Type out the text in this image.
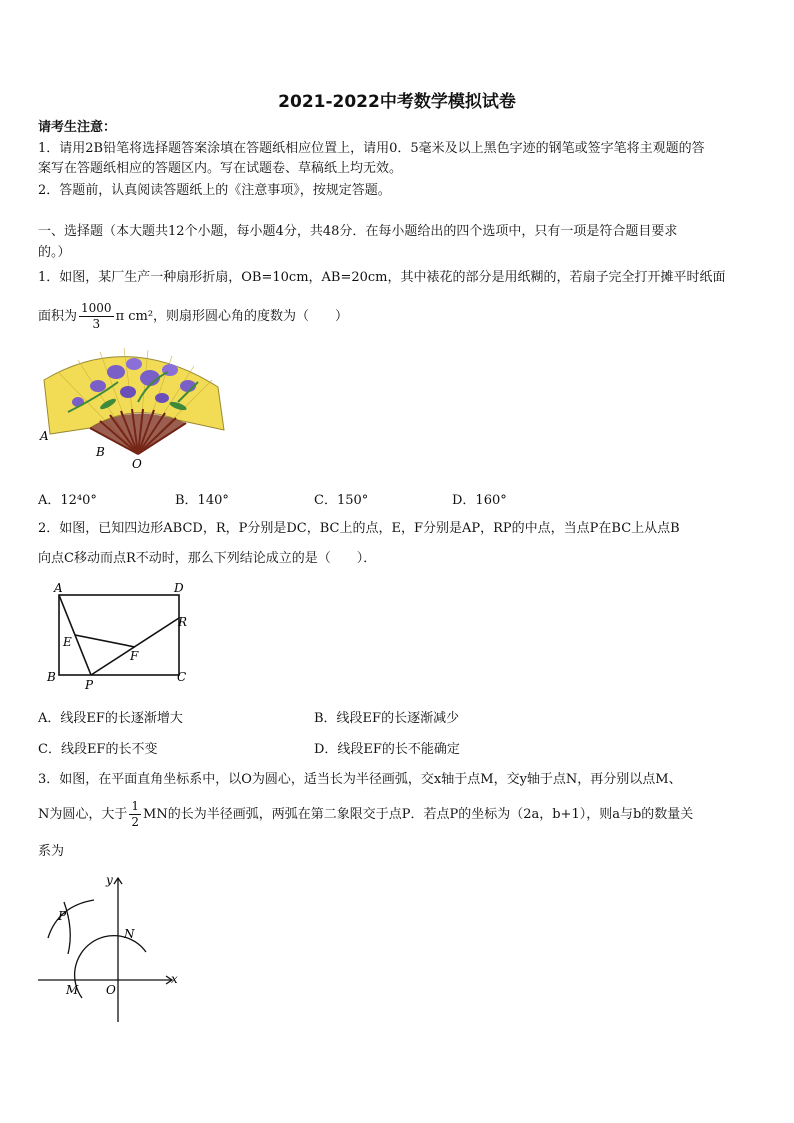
2021-2022中考数学模拟试卷
请考生注意：
1．请用2B铅笔将选择题答案涂填在答题纸相应位置上，请用0．5毫米及以上黑色字迹的钢笔或签字笔将主观题的答
案写在答题纸相应的答题区内。写在试题卷、草稿纸上均无效。
2．答题前，认真阅读答题纸上的《注意事项》，按规定答题。
一、选择题（本大题共12个小题，每小题4分，共48分．在每小题给出的四个选项中，只有一项是符合题目要求
的。）
1．如图，某厂生产一种扇形折扇，OB=10cm，AB=20cm，其中裱花的部分是用纸糊的，若扇子完全打开摊平时纸面
面积为 $\frac{1000}{3}$ π cm²，则扇形圆心角的度数为（　　）
A
B
O
A．12⁴0°	B．140°	C．150°	D．160°
2．如图，已知四边形ABCD，R，P分别是DC，BC上的点，E，F分别是AP，RP的中点，当点P在BC上从点B
向点C移动而点R不动时，那么下列结论成立的是（　　）．
A	D
R
E
F
B
P
C
A．线段EF的长逐渐增大	B．线段EF的长逐渐减少
C．线段EF的长不变	D．线段EF的长不能确定
3．如图，在平面直角坐标系中，以O为圆心，适当长为半径画弧，交x轴于点M，交y轴于点N，再分别以点M、
N为圆心，大于 $\frac{1}{2}$ MN的长为半径画弧，两弧在第二象限交于点P．若点P的坐标为（2a，b+1），则a与b的数量关
系为
y
x
P
N
M O
